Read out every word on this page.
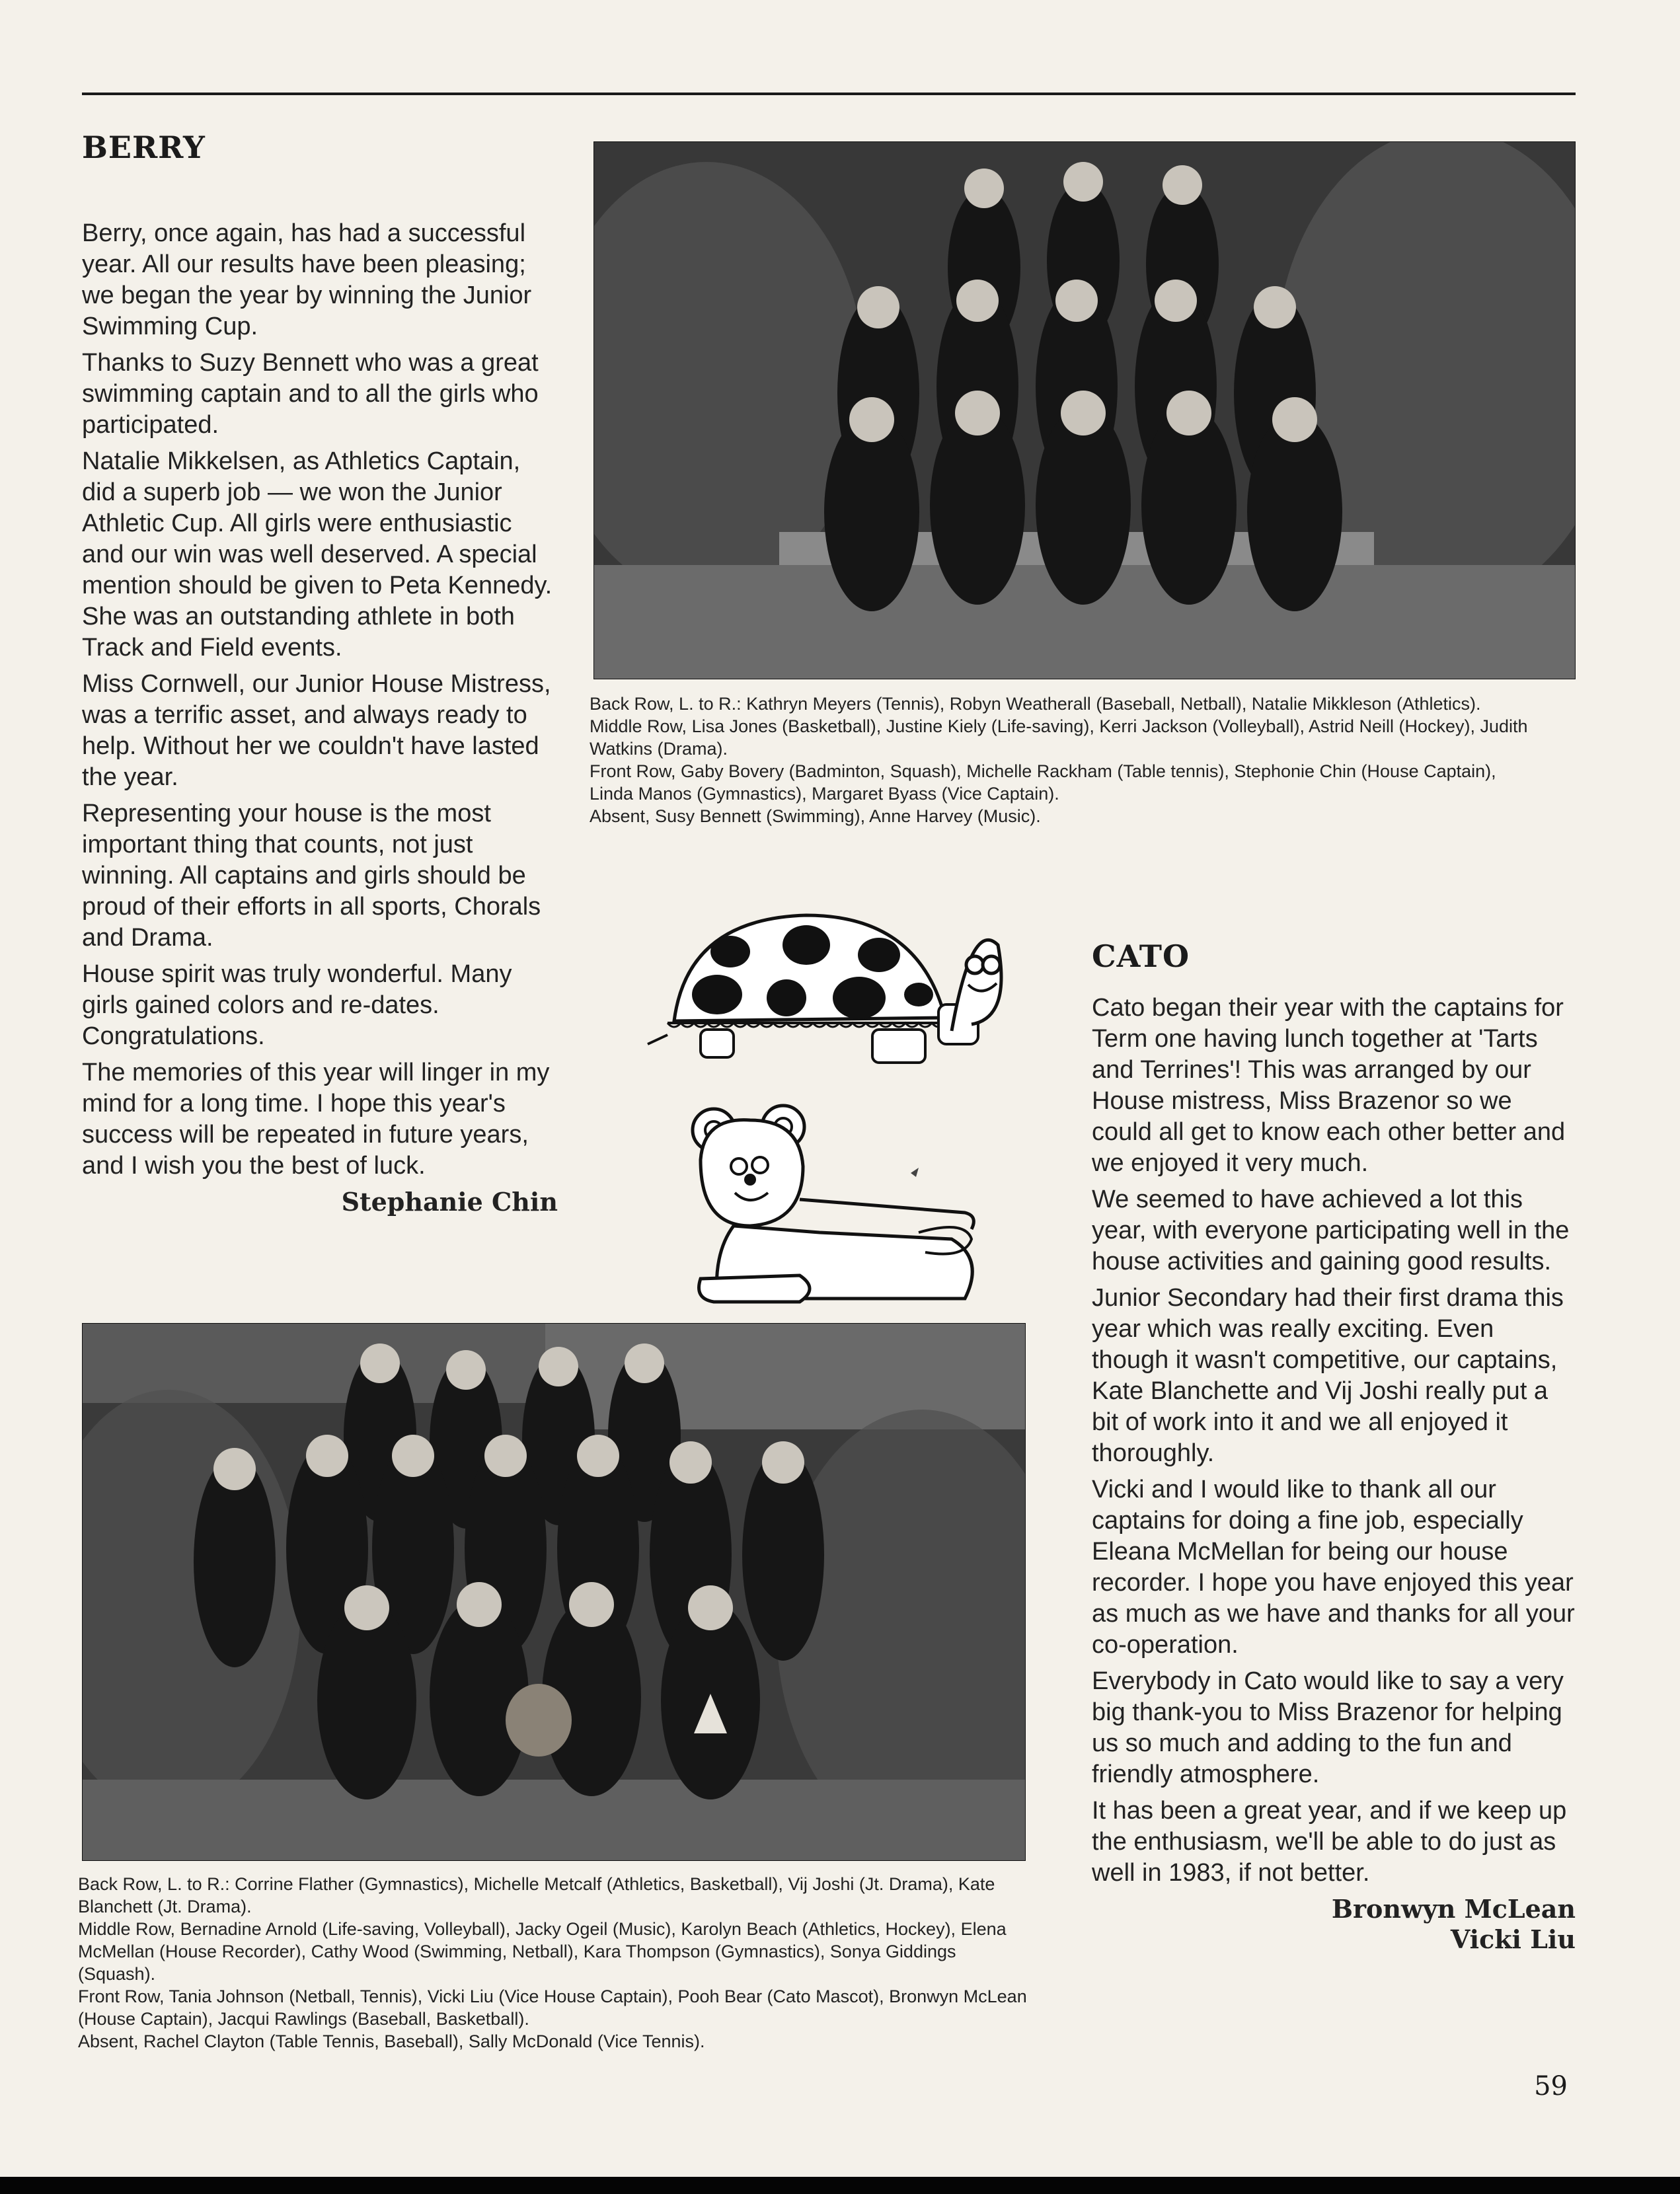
BERRY

Berry, once again, has had a successful year. All our results have been pleasing; we began the year by winning the Junior Swimming Cup.

Thanks to Suzy Bennett who was a great swimming captain and to all the girls who participated.

Natalie Mikkelsen, as Athletics Captain, did a superb job — we won the Junior Athletic Cup. All girls were enthusiastic and our win was well deserved. A special mention should be given to Peta Kennedy. She was an outstanding athlete in both Track and Field events.

Miss Cornwell, our Junior House Mistress, was a terrific asset, and always ready to help. Without her we couldn't have lasted the year.

Representing your house is the most important thing that counts, not just winning. All captains and girls should be proud of their efforts in all sports, Chorals and Drama.

House spirit was truly wonderful. Many girls gained colors and re-dates. Congratulations.

The memories of this year will linger in my mind for a long time. I hope this year's success will be repeated in future years, and I wish you the best of luck.

Stephanie Chin

Back Row, L. to R.: Kathryn Meyers (Tennis), Robyn Weatherall (Baseball, Netball), Natalie Mikkleson (Athletics).

Middle Row, Lisa Jones (Basketball), Justine Kiely (Life-saving), Kerri Jackson (Volleyball), Astrid Neill (Hockey), Judith Watkins (Drama).

Front Row, Gaby Bovery (Badminton, Squash), Michelle Rackham (Table tennis), Stephonie Chin (House Captain), Linda Manos (Gymnastics), Margaret Byass (Vice Captain).

Absent, Susy Bennett (Swimming), Anne Harvey (Music).

CATO

Cato began their year with the captains for Term one having lunch together at 'Tarts and Terrines'! This was arranged by our House mistress, Miss Brazenor so we could all get to know each other better and we enjoyed it very much.

We seemed to have achieved a lot this year, with everyone participating well in the house activities and gaining good results.

Junior Secondary had their first drama this year which was really exciting. Even though it wasn't competitive, our captains, Kate Blanchette and Vij Joshi really put a bit of work into it and we all enjoyed it thoroughly.

Vicki and I would like to thank all our captains for doing a fine job, especially Eleana McMellan for being our house recorder. I hope you have enjoyed this year as much as we have and thanks for all your co-operation.

Everybody in Cato would like to say a very big thank-you to Miss Brazenor for helping us so much and adding to the fun and friendly atmosphere.

It has been a great year, and if we keep up the enthusiasm, we'll be able to do just as well in 1983, if not better.

Bronwyn McLean
Vicki Liu

Back Row, L. to R.: Corrine Flather (Gymnastics), Michelle Metcalf (Athletics, Basketball), Vij Joshi (Jt. Drama), Kate Blanchett (Jt. Drama).

Middle Row, Bernadine Arnold (Life-saving, Volleyball), Jacky Ogeil (Music), Karolyn Beach (Athletics, Hockey), Elena McMellan (House Recorder), Cathy Wood (Swimming, Netball), Kara Thompson (Gymnastics), Sonya Giddings (Squash).

Front Row, Tania Johnson (Netball, Tennis), Vicki Liu (Vice House Captain), Pooh Bear (Cato Mascot), Bronwyn McLean (House Captain), Jacqui Rawlings (Baseball, Basketball).

Absent, Rachel Clayton (Table Tennis, Baseball), Sally McDonald (Vice Tennis).

59
